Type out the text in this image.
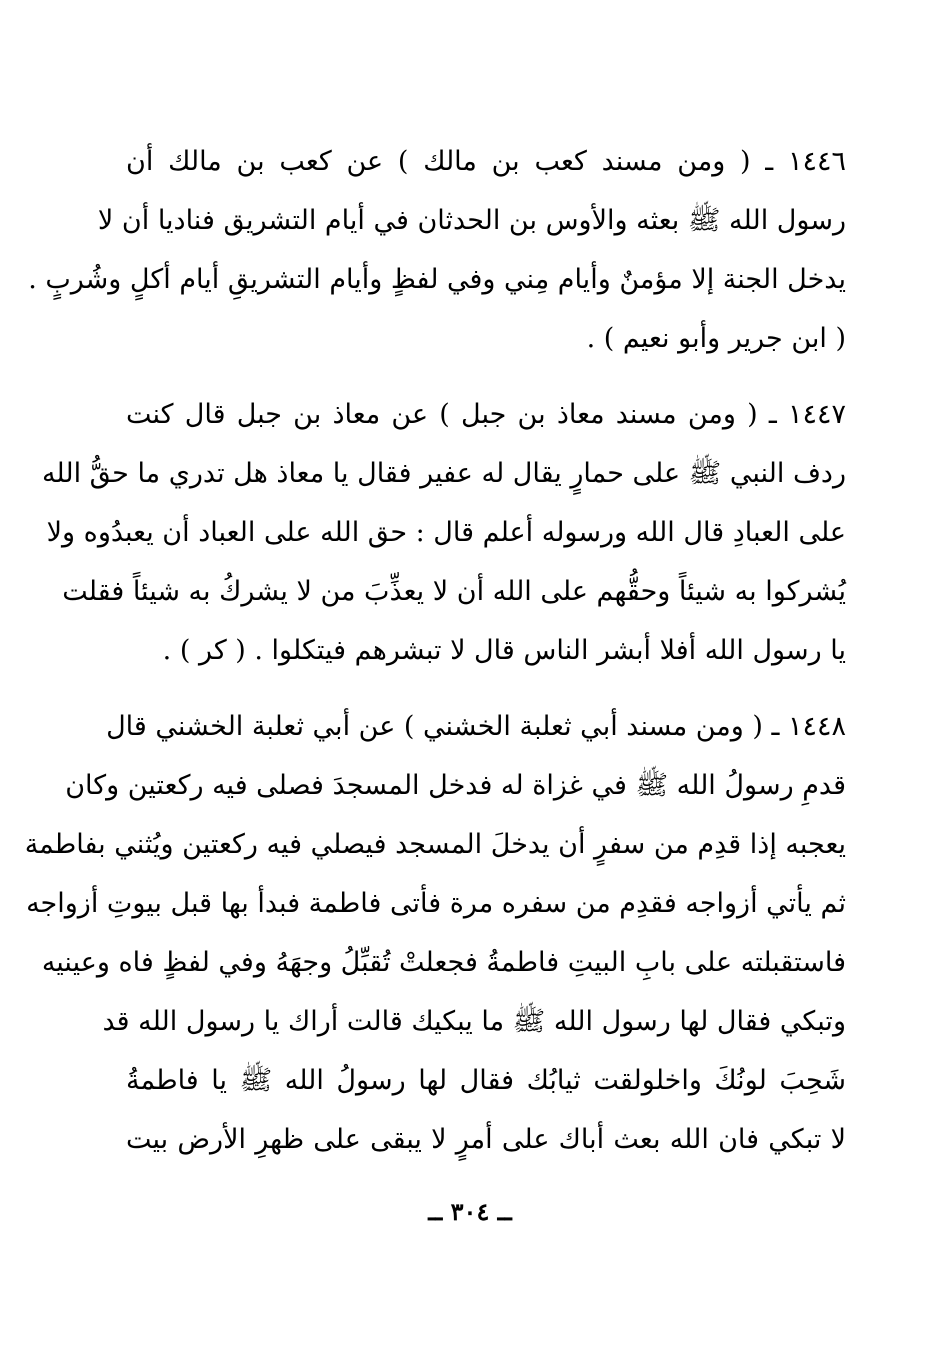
١٤٤٦ ـ ( ومن مسند كعب بن مالك ) عن كعب بن مالك أن
رسول الله ﷺ بعثه والأوس بن الحدثان في أيام التشريق فناديا أن لا
يدخل الجنة إلا مؤمنٌ وأيام مِني وفي لفظٍ وأيام التشريقِ أيام أكلٍ وشُربٍ .
( ابن جرير وأبو نعيم ) .
١٤٤٧ ـ ( ومن مسند معاذ بن جبل ) عن معاذ بن جبل قال كنت
ردف النبي ﷺ على حمارٍ يقال له عفير فقال يا معاذ هل تدري ما حقُّ الله
على العبادِ قال الله ورسوله أعلم قال : حق الله على العباد أن يعبدُوه ولا
يُشركوا به شيئاً وحقُّهم على الله أن لا يعذِّبَ من لا يشركُ به شيئاً فقلت
يا رسول الله أفلا أبشر الناس قال لا تبشرهم فيتكلوا . ( كر ) .
١٤٤٨ ـ ( ومن مسند أبي ثعلبة الخشني ) عن أبي ثعلبة الخشني قال
قدمِ رسولُ الله ﷺ في غزاة له فدخل المسجدَ فصلى فيه ركعتين وكان
يعجبه إذا قدِم من سفرٍ أن يدخلَ المسجد فيصلي فيه ركعتين ويُثني بفاطمة
ثم يأتي أزواجه فقدِم من سفره مرة فأتى فاطمة فبدأ بها قبل بيوتِ أزواجه
فاستقبلته على بابِ البيتِ فاطمةُ فجعلتْ تُقبِّلُ وجهَهُ وفي لفظٍ فاه وعينيه
وتبكي فقال لها رسول الله ﷺ ما يبكيك قالت أراك يا رسول الله قد
شَحِبَ لونُكَ واخلولقت ثيابُك فقال لها رسولُ الله ﷺ يا فاطمةُ
لا تبكي فان الله بعث أباك على أمرٍ لا يبقى على ظهرِ الأرض بيت
ــ ٣٠٤ ــ
